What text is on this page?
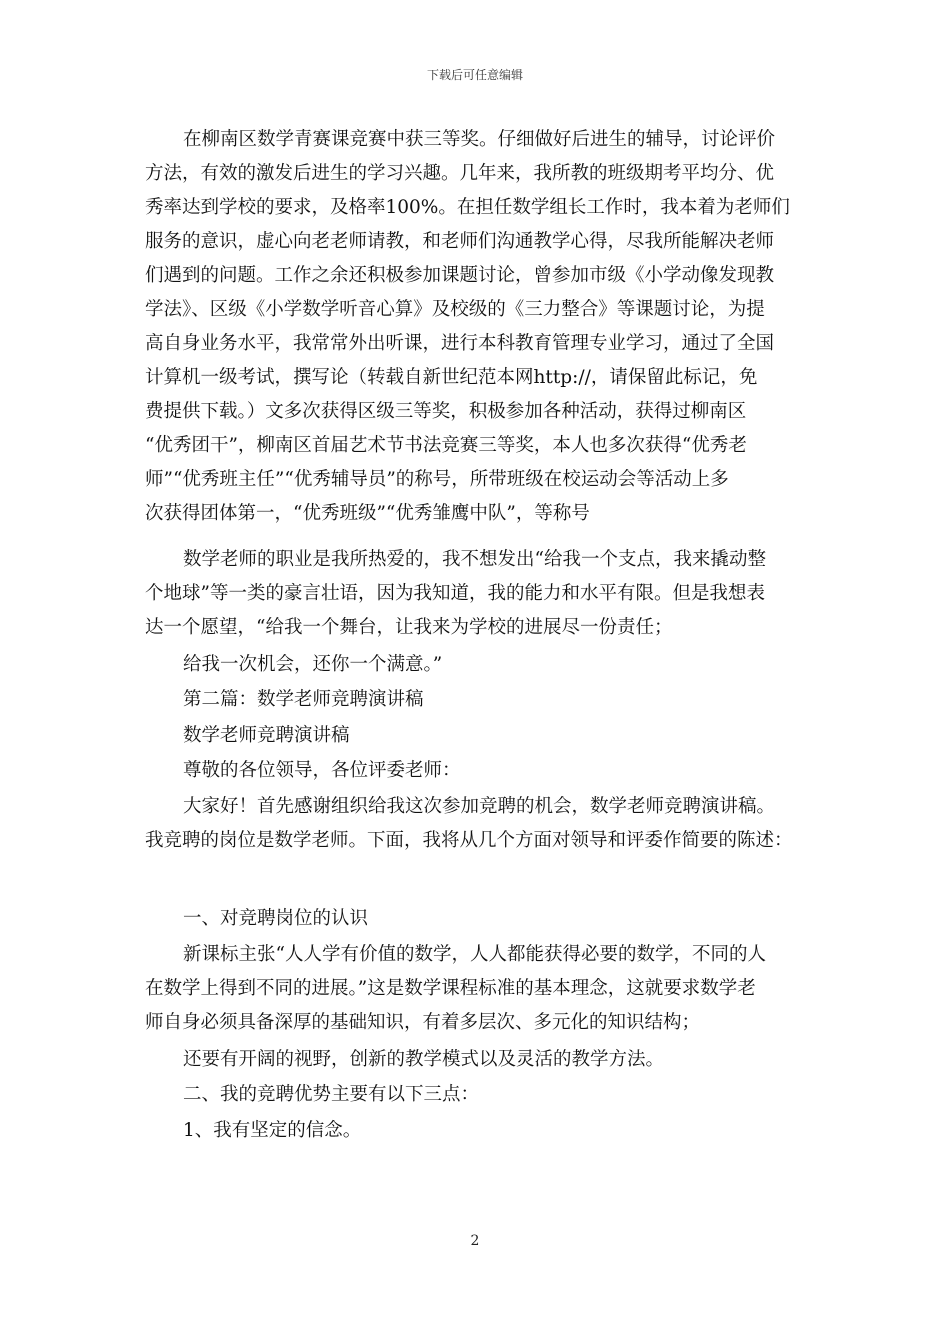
下载后可任意编辑
在柳南区数学青赛课竞赛中获三等奖。仔细做好后进生的辅导，讨论评价
方法，有效的激发后进生的学习兴趣。几年来，我所教的班级期考平均分、优
秀率达到学校的要求，及格率100%。在担任数学组长工作时，我本着为老师们
服务的意识，虚心向老老师请教，和老师们沟通教学心得，尽我所能解决老师
们遇到的问题。工作之余还积极参加课题讨论，曾参加市级《小学动像发现教
学法》、区级《小学数学听音心算》及校级的《三力整合》等课题讨论，为提
高自身业务水平，我常常外出听课，进行本科教育管理专业学习，通过了全国
计算机一级考试，撰写论（转载自新世纪范本网http://，请保留此标记，免
费提供下载。）文多次获得区级三等奖，积极参加各种活动，获得过柳南区
“优秀团干”，柳南区首届艺术节书法竞赛三等奖，本人也多次获得“优秀老
师”“优秀班主任”“优秀辅导员”的称号，所带班级在校运动会等活动上多
次获得团体第一，“优秀班级”“优秀雏鹰中队”，等称号
数学老师的职业是我所热爱的，我不想发出“给我一个支点，我来撬动整
个地球”等一类的豪言壮语，因为我知道，我的能力和水平有限。但是我想表
达一个愿望，“给我一个舞台，让我来为学校的进展尽一份责任；
给我一次机会，还你一个满意。”
第二篇：数学老师竞聘演讲稿
数学老师竞聘演讲稿
尊敬的各位领导，各位评委老师：
大家好！首先感谢组织给我这次参加竞聘的机会，数学老师竞聘演讲稿。
我竞聘的岗位是数学老师。下面，我将从几个方面对领导和评委作简要的陈述：
一、对竞聘岗位的认识
新课标主张“人人学有价值的数学，人人都能获得必要的数学，不同的人
在数学上得到不同的进展。”这是数学课程标准的基本理念，这就要求数学老
师自身必须具备深厚的基础知识，有着多层次、多元化的知识结构；
还要有开阔的视野，创新的教学模式以及灵活的教学方法。
二、我的竞聘优势主要有以下三点：
1、我有坚定的信念。
2
